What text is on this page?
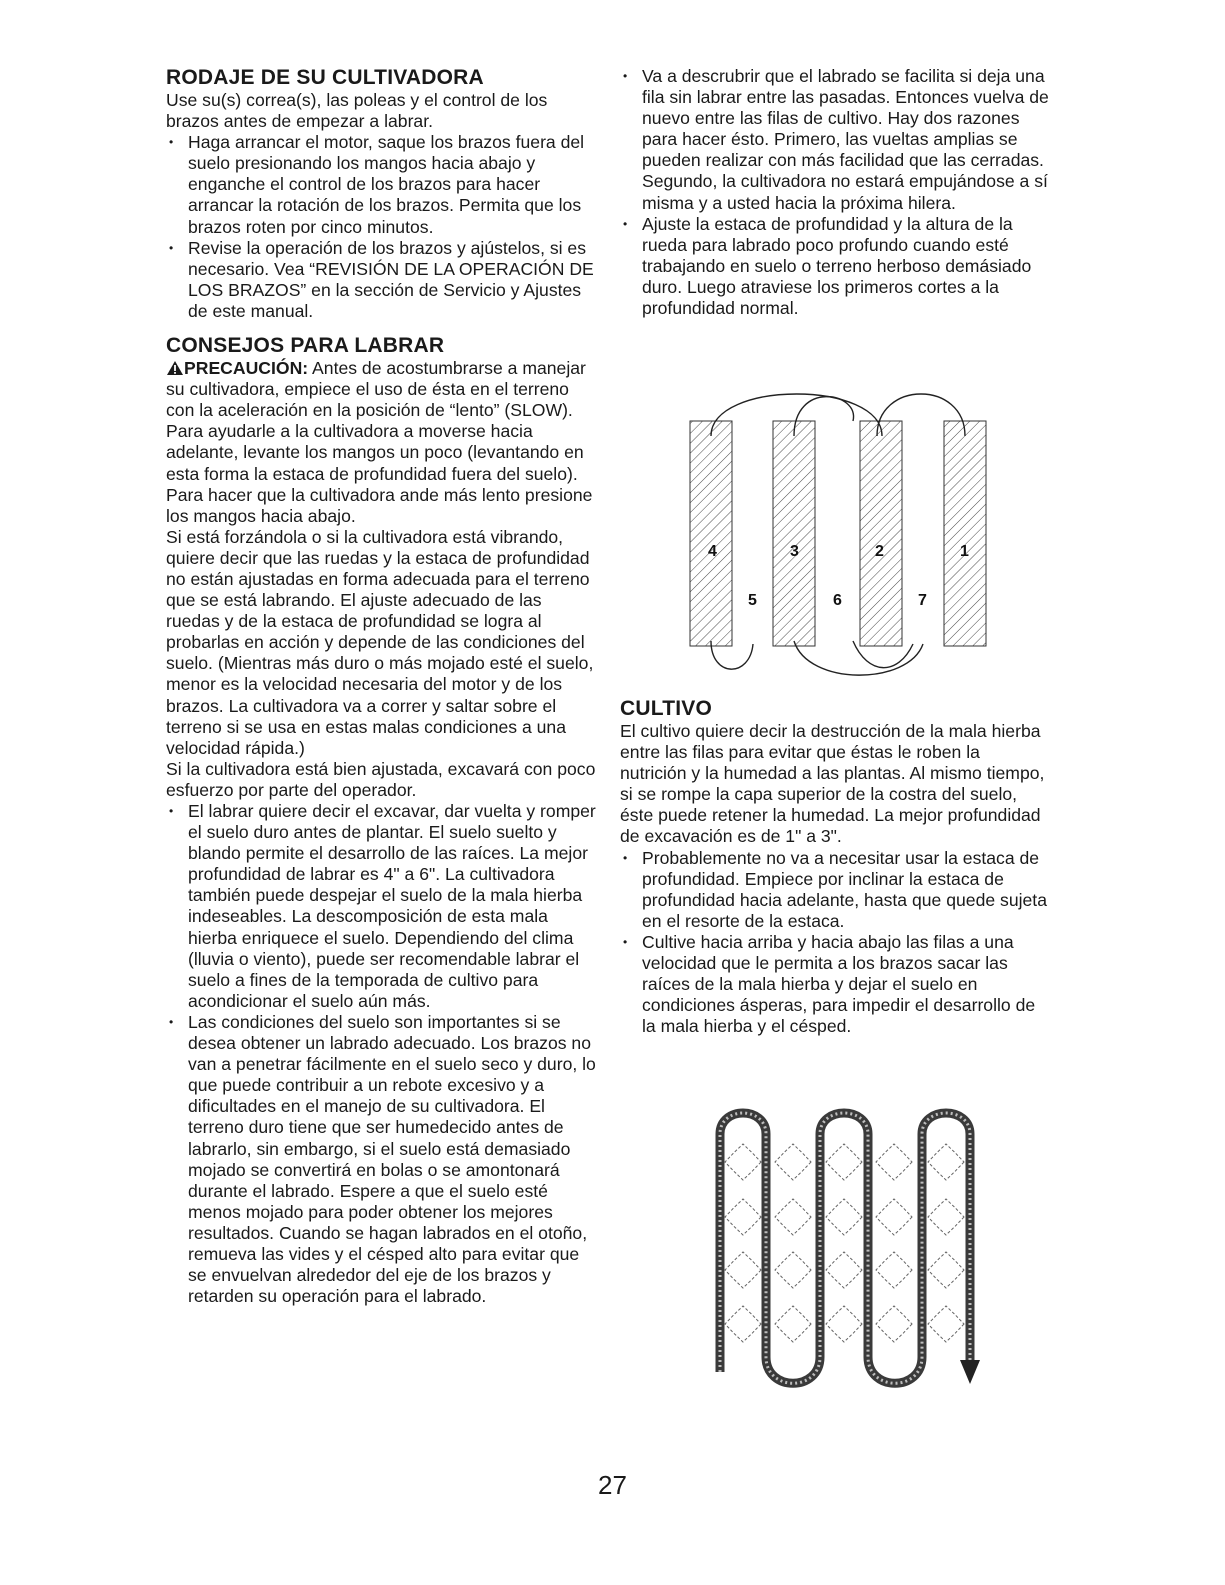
RODAJE DE SU CULTIVADORA

Use su(s) correa(s), las poleas y el control de los brazos antes de empezar a labrar.

• Haga arrancar el motor, saque los brazos fuera del suelo presionando los mangos hacia abajo y enganche el control de los brazos para hacer arrancar la rotación de los brazos. Permita que los brazos roten por cinco minutos.
• Revise la operación de los brazos y ajústelos, si es necesario. Vea “REVISIÓN DE LA OPERACIÓN DE LOS BRAZOS” en la sección de Servicio y Ajustes de este manual.
CONSEJOS PARA LABRAR

PRECAUCIÓN: Antes de acostumbrarse a manejar su cultivadora, empiece el uso de ésta en el terreno con la aceleración en la posición de “lento” (SLOW).

Para ayudarle a la cultivadora a moverse hacia adelante, levante los mangos un poco (levantando en esta forma la estaca de profundidad fuera del suelo). Para hacer que la cultivadora ande más lento presione los mangos hacia abajo.

Si está forzándola o si la cultivadora está vibrando, quiere decir que las ruedas y la estaca de profundidad no están ajustadas en forma adecuada para el terreno que se está labrando. El ajuste adecuado de las ruedas y de la estaca de profundidad se logra al probarlas en acción y depende de las condiciones del suelo. (Mientras más duro o más mojado esté el suelo, menor es la velocidad necesaria del motor y de los brazos. La cultivadora va a correr y saltar sobre el terreno si se usa en estas malas condiciones a una velocidad rápida.)

Si la cultivadora está bien ajustada, excavará con poco esfuerzo por parte del operador.

• El labrar quiere decir el excavar, dar vuelta y romper el suelo duro antes de plantar. El suelo suelto y blando permite el desarrollo de las raíces. La mejor profundidad de labrar es 4" a 6". La cultivadora también puede despejar el suelo de la mala hierba indeseables. La descomposición de esta mala hierba enriquece el suelo. Dependiendo del clima (lluvia o viento), puede ser recomendable labrar el suelo a fines de la temporada de cultivo para acondicionar el suelo aún más.
• Las condiciones del suelo son importantes si se desea obtener un labrado adecuado. Los brazos no van a penetrar fácilmente en el suelo seco y duro, lo que puede contribuir a un rebote excesivo y a dificultades en el manejo de su cultivadora. El terreno duro tiene que ser humedecido antes de labrarlo, sin embargo, si el suelo está demasiado mojado se convertirá en bolas o se amontonará durante el labrado. Espere a que el suelo esté menos mojado para poder obtener los mejores resultados. Cuando se hagan labrados en el otoño, remueva las vides y el césped alto para evitar que se envuelvan alrededor del eje de los brazos y retarden su operación para el labrado.
• Va a descrubrir que el labrado se facilita si deja una fila sin labrar entre las pasadas. Entonces vuelva de nuevo entre las filas de cultivo. Hay dos razones para hacer ésto. Primero, las vueltas amplias se pueden realizar con más facilidad que las cerradas. Segundo, la cultivadora no estará empujándose a sí misma y a usted hacia la próxima hilera.
• Ajuste la estaca de profundidad y la altura de la rueda para labrado poco profundo cuando esté trabajando en suelo o terreno herboso demásiado duro. Luego atraviese los primeros cortes a la profundidad normal.
4	3	2	1
5	6	7
CULTIVO

El cultivo quiere decir la destrucción de la mala hierba entre las filas para evitar que éstas le roben la nutrición y la humedad a las plantas. Al mismo tiempo, si se rompe la capa superior de la costra del suelo, éste puede retener la humedad. La mejor profundidad de excavación es de 1" a 3".

• Probablemente no va a necesitar usar la estaca de profundidad. Empiece por inclinar la estaca de profundidad hacia adelante, hasta que quede sujeta en el resorte de la estaca.
• Cultive hacia arriba y hacia abajo las filas a una velocidad que le permita a los brazos sacar las raíces de la mala hierba y dejar el suelo en condiciones ásperas, para impedir el desarrollo de la mala hierba y el césped.
27
